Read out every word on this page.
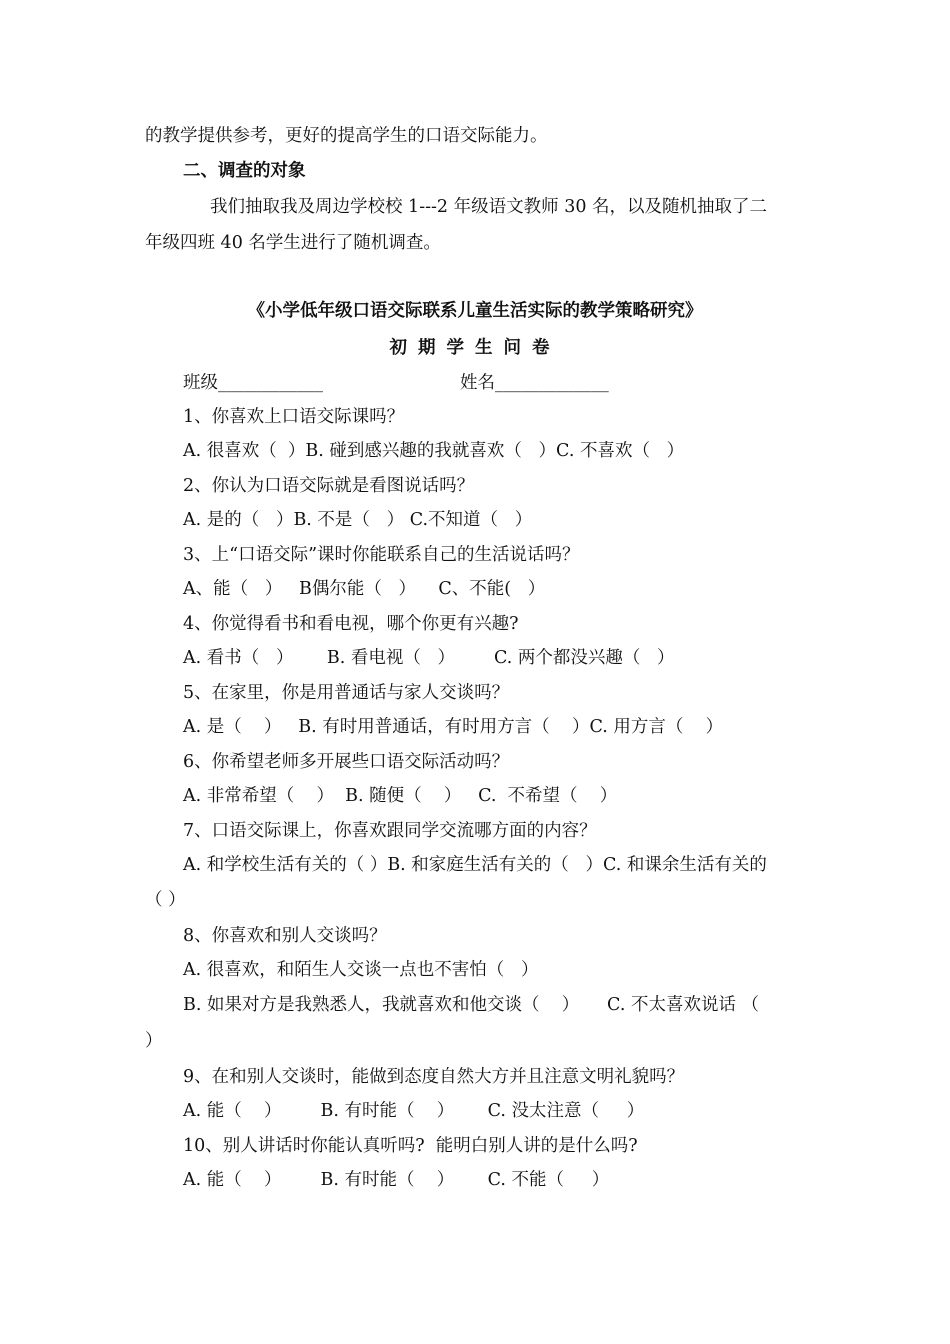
的教学提供参考，更好的提高学生的口语交际能力。

二、调查的对象

我们抽取我及周边学校校 1---2 年级语文教师 30 名，以及随机抽取了二

年级四班 40 名学生进行了随机调查。

《小学低年级口语交际联系儿童生活实际的教学策略研究》

初期学生问卷

班级____________	姓名_____________

1、你喜欢上口语交际课吗？

A. 很喜欢（  ）B. 碰到感兴趣的我就喜欢（   ）C. 不喜欢（   ）

2、你认为口语交际就是看图说话吗？

A. 是的（   ）B. 不是（   ） C.不知道（   ）

3、上“口语交际”课时你能联系自己的生活说话吗？

A、能（   ）   B偶尔能（   ）    C、不能(   ）

4、你觉得看书和看电视，哪个你更有兴趣?

A. 看书（   ）      B. 看电视（   ）       C. 两个都没兴趣（   ）

5、在家里，你是用普通话与家人交谈吗？

A. 是（    ）   B. 有时用普通话，有时用方言（    ）C. 用方言（    ）

6、你希望老师多开展些口语交际活动吗？

A. 非常希望（    ）  B. 随便（    ）   C.  不希望（    ）

7、口语交际课上，你喜欢跟同学交流哪方面的内容？

A. 和学校生活有关的（ ）B. 和家庭生活有关的（   ）C. 和课余生活有关的

（ ）

8、你喜欢和别人交谈吗？

A. 很喜欢，和陌生人交谈一点也不害怕（   ）

B. 如果对方是我熟悉人，我就喜欢和他交谈（    ）     C. 不太喜欢说话 （

）

9、在和别人交谈时，能做到态度自然大方并且注意文明礼貌吗？

A. 能（    ）       B. 有时能（    ）      C. 没太注意（     ）

10、别人讲话时你能认真听吗?  能明白别人讲的是什么吗?

A. 能（    ）       B. 有时能（    ）      C. 不能（     ）
